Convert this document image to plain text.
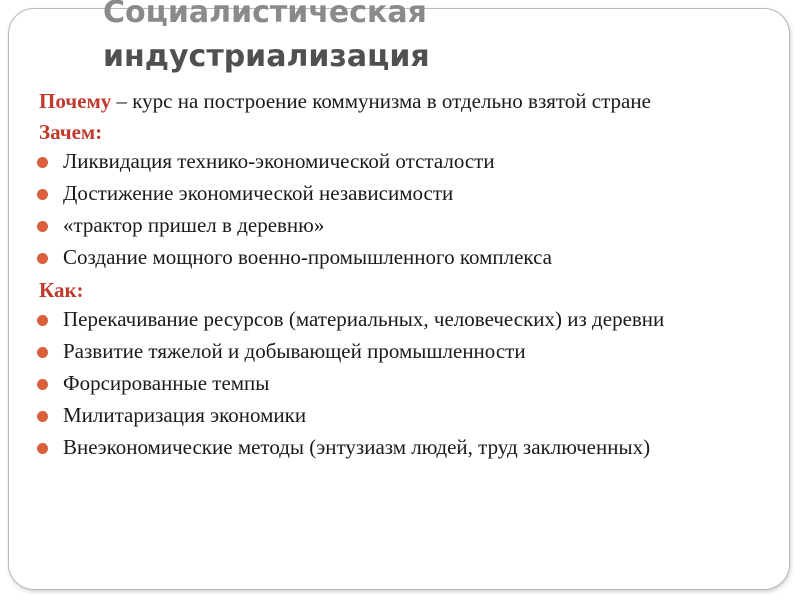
Социалистическая
индустриализация

Почему – курс на построение коммунизма в отдельно взятой стране

Зачем:
Ликвидация технико-экономической отсталости
Достижение экономической независимости
«трактор пришел в деревню»
Создание мощного военно-промышленного комплекса
Как:
Перекачивание ресурсов (материальных, человеческих) из деревни
Развитие тяжелой и добывающей промышленности
Форсированные темпы
Милитаризация экономики
Внеэкономические методы (энтузиазм людей, труд заключенных)
